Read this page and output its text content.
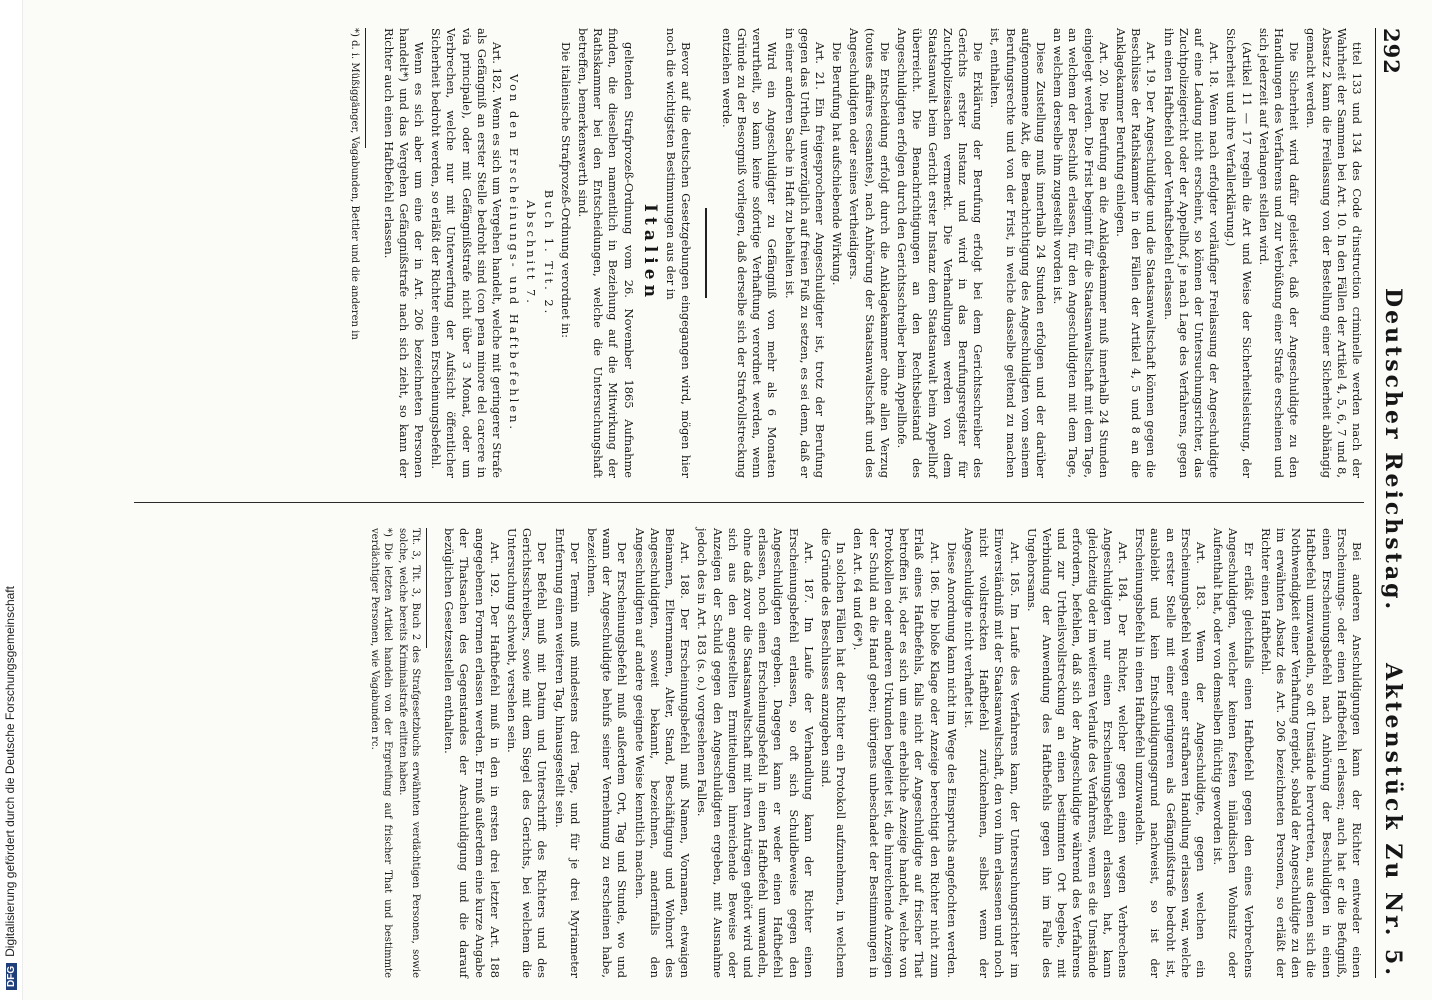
DFGDigitalisierung gefördert durch die Deutsche Forschungsgemeinschaft
292
Deutscher Reichstag.
Aktenstück Zu Nr. 5.

titel 133 und 134 des Code d'instruction criminelle werden nach der Wahrheit der Sammen bei Art. 10. In den Fällen der Artikel 4, 5, 6, 7 und 8, Absatz 2 kann die Freilassung von der Bestellung einer Sicherheit abhängig gemacht werden.

Die Sicherheit wird dafür geleistet, daß der Angeschuldigte zu den Handlungen des Verfahrens und zur Verbüßung einer Strafe erscheinen und sich jederzeit auf Verlangen stellen wird.

(Artikel 11 — 17 regeln die Art und Weise der Sicherheitsleistung, der Sicherheit und ihre Verfallerklärung.)

Art. 18. Wenn nach erfolgter vorläufiger Freilassung der Angeschuldigte auf eine Ladung nicht erscheint, so können der Untersuchungsrichter, das Zuchtpolizeigericht oder der Appellhof, je nach Lage des Verfahrens, gegen ihn einen Haftbefehl oder Verhaftsbefehl erlassen.

Art. 19. Der Angeschuldigte und die Staatsanwaltschaft können gegen die Beschlüsse der Rathskammer in den Fällen der Artikel 4, 5 und 8 an die Anklagekammer Berufung einlegen.

Art. 20. Die Berufung an die Anklagekammer muß innerhalb 24 Stunden eingelegt werden. Die Frist beginnt für die Staatsanwaltschaft mit dem Tage, an welchem der Beschluß erlassen, für den Angeschuldigten mit dem Tage, an welchem derselbe ihm zugestellt worden ist.

Diese Zustellung muß innerhalb 24 Stunden erfolgen und der darüber aufgenommene Akt, die Benachrichtigung des Angeschuldigten vom seinem Berufungsrechte und von der Frist, in welche dasselbe geltend zu machen ist, enthalten.

Die Erklärung der Berufung erfolgt bei dem Gerichtsschreiber des Gerichts erster Instanz und wird in das Berufungsregister für Zuchtpolizeisachen vermerkt. Die Verhandlungen werden von dem Staatsanwalt beim Gericht erster Instanz dem Staatsanwalt beim Appellhof überreicht. Die Benachrichtigungen an den Rechtsbeistand des Angeschuldigten erfolgen durch den Gerichtsschreiber beim Appellhofe.

Die Entscheidung erfolgt durch die Anklagekammer ohne allen Verzug (toutes affaires cessantes), nach Anhörung der Staatsanwaltschaft und des Angeschuldigten oder seines Vertheidigers.

Die Berufung hat aufschiebende Wirkung.

Art. 21. Ein freigesprochener Angeschuldigter ist, trotz der Berufung gegen das Urtheil, unverzüglich auf freien Fuß zu setzen, es sei denn, daß er in einer anderen Sache in Haft zu behalten ist.

Wird ein Angeschuldigter zu Gefängniß von mehr als 6 Monaten verurtheilt, so kann keine sofortige Verhaftung verordnet werden, wenn Gründe zu der Besorgniß vorliegen, daß derselbe sich der Strafvollstreckung entziehen werde.

Bevor auf die deutschen Gesetzgebungen eingegangen wird, mögen hier noch die wichtigsten Bestimmungen aus der in

Italien

geltenden Strafprozeß-Ordnung vom 26. November 1865 Aufnahme finden, die dieselben namentlich in Beziehung auf die Mitwirkung der Rathskammer bei den Entscheidungen, welche die Untersuchungshaft betreffen, bemerkenswerth sind.

Die italienische Strafprozeß-Ordnung verordnet in:

Buch 1. Tit. 2.

Abschnitt 7.

Von den Erscheinungs- und Haftbefehlen.

Art. 182. Wenn es sich um Vergehen handelt, welche mit geringerer Strafe als Gefängniß an erster Stelle bedroht sind (con pena minore del carcere in via principale), oder mit Gefängnißstrafe nicht über 3 Monat, oder um Verbrechen, welche nur mit Unterwerfung der Aufsicht öffentlicher Sicherheit bedroht werden, so erläßt der Richter einen Erscheinungsbefehl.

Wenn es sich aber um eine der in Art. 206 bezeichneten Personen handelt*) und das Vergehen Gefängnißstrafe nach sich zieht, so kann der Richter auch einen Haftbefehl erlassen.

*) d. i. Müßiggänger, Vagabunden, Bettler und die anderen in

Bei anderen Anschuldigungen kann der Richter entweder einen Erscheinungs- oder einen Haftbefehl erlassen; auch hat er die Befugniß, einen Erscheinungsbefehl nach Anhörung der Beschuldigten in einen Haftbefehl umzuwandeln, so oft Umstände hervortreten, aus denen sich die Nothwendigkeit einer Verhaftung ergiebt, sobald der Angeschuldigte zu den im erwähnten Absatz des Art. 206 bezeichneten Personen, so erläßt der Richter einen Haftbefehl.

Er erläßt gleichfalls einen Haftbefehl gegen den eines Verbrechens Angeschuldigten, welcher keinen festen inländischen Wohnsitz oder Aufenthalt hat, oder von demselben flüchtig geworden ist.

Art. 183. Wenn der Angeschuldigte, gegen welchen ein Erscheinungsbefehl wegen einer strafbaren Handlung erlassen war, welche an erster Stelle mit einer geringeren als Gefängnißstrafe bedroht ist, ausbleibt und kein Entschuldigungsgrund nachweist, so ist der Erscheinungsbefehl in einen Haftbefehl umzuwandeln.

Art. 184. Der Richter, welcher gegen einen wegen Verbrechens Angeschuldigten nur einen Erscheinungsbefehl erlassen hat, kann gleichzeitig oder im weiteren Verlaufe des Verfahrens, wenn es die Umstände erfordern, befehlen, daß sich der Angeschuldigte während des Verfahrens und zur Urtheilsvollstreckung an einen bestimmten Ort begebe, mit Verbindung der Anwendung des Haftbefehls gegen ihn im Falle des Ungehorsams.

Art. 185. Im Laufe des Verfahrens kann, der Untersuchungsrichter im Einverständniß mit der Staatsanwaltschaft, den von ihm erlassenen und noch nicht vollstreckten Haftbefehl zurücknehmen, selbst wenn der Angeschuldigte nicht verhaftet ist.

Diese Anordnung kann nicht im Wege des Einspruchs angefochten werden.

Art. 186. Die bloße Klage oder Anzeige berechtigt den Richter nicht zum Erlaß eines Haftbefehls, falls nicht der Angeschuldigte auf frischer That betroffen ist, oder es sich um eine erhebliche Anzeige handelt, welche von Protokollen oder anderen Urkunden begleitet ist, die hinreichende Anzeigen der Schuld an die Hand geben; übrigens unbeschadet der Bestimmungen in den Art. 64 und 66*).

In solchen Fällen hat der Richter ein Protokoll aufzunehmen, in welchem die Gründe des Beschlusses anzugeben sind.

Art. 187. Im Laufe der Verhandlung kann der Richter einen Erscheinungsbefehl erlassen, so oft sich Schuldbeweise gegen den Angeschuldigten ergeben. Dagegen kann er weder einen Haftbefehl erlassen, noch einen Erscheinungsbefehl in einen Haftbefehl umwandeln, ohne daß zuvor die Staatsanwaltschaft mit ihren Anträgen gehört wird und sich aus den angestellten Ermittelungen hinreichende Beweise oder Anzeigen der Schuld gegen den Angeschuldigten ergeben, mit Ausnahme jedoch des in Art. 183 (s. o.) vorgesehenen Falles.

Art. 188. Der Erscheinungsbefehl muß Namen, Vornamen, etwaigen Beinamen, Elternnamen, Alter, Stand, Beschäftigung und Wohnort des Angeschuldigten, soweit bekannt, bezeichnen, andernfalls den Angeschuldigten auf andere geeignete Weise kenntlich machen.

Der Erscheinungsbefehl muß außerdem Ort, Tag und Stunde, wo und wann der Angeschuldigte behufs seiner Vernehmung zu erscheinen habe, bezeichnen.

Der Termin muß mindestens drei Tage, und für je drei Myriameter Entfernung einen weiteren Tag, hinausgestellt sein.

Der Befehl muß mit Datum und Unterschrift des Richters und des Gerichtsschreibers, sowie mit dem Siegel des Gerichts, bei welchem die Untersuchung schwebt, versehen sein.

Art. 192. Der Haftbefehl muß in den in ersten drei letzter Art. 188 angegebenen Formen erlassen werden. Er muß außerdem eine kurze Angabe der Thatsachen des Gegenstandes der Anschuldigung und die darauf bezüglichen Gesetzesstellen enthalten.

Tit. 3, Tit. 3, Buch 2 des Strafgesetzbuchs erwähnten verdächtigen Personen, sowie solche, welche bereits Kriminalstrafe erlitten haben.

*) Die letzten Artikel handeln von der Ergreifung auf frischer That und bestimmte verdächtiger Personen, wie Vagabunden rc.
